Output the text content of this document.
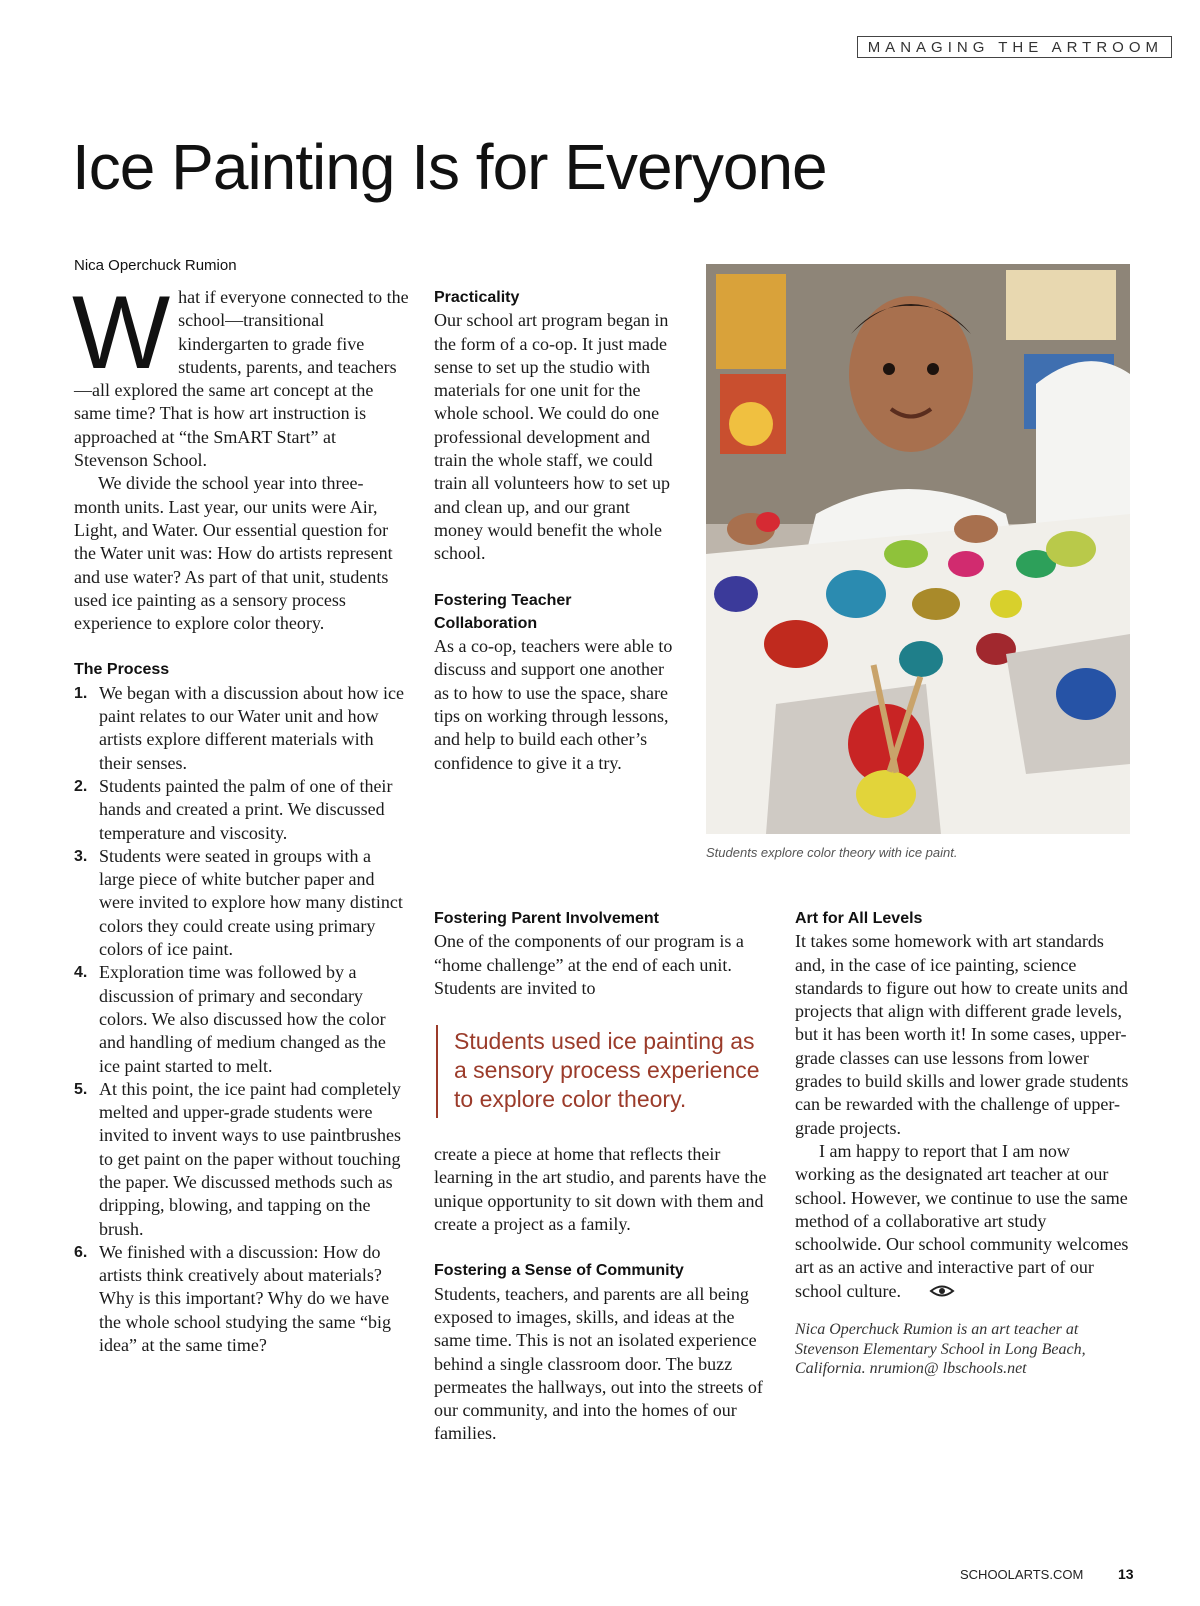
MANAGING THE ARTROOM
Ice Painting Is for Everyone
Nica Operchuck Rumion

What if everyone connected to the school—transitional kindergarten to grade five students, parents, and teachers—all explored the same art concept at the same time? That is how art instruction is approached at “the SmART Start” at Stevenson School.

We divide the school year into three-month units. Last year, our units were Air, Light, and Water. Our essential question for the Water unit was: How do artists represent and use water? As part of that unit, students used ice painting as a sensory process experience to explore color theory.

The Process
1. We began with a discussion about how ice paint relates to our Water unit and how artists explore different materials with their senses.
2. Students painted the palm of one of their hands and created a print. We discussed temperature and viscosity.
3. Students were seated in groups with a large piece of white butcher paper and were invited to explore how many distinct colors they could create using primary colors of ice paint.
4. Exploration time was followed by a discussion of primary and secondary colors. We also discussed how the color and handling of medium changed as the ice paint started to melt.
5. At this point, the ice paint had completely melted and upper-grade students were invited to invent ways to use paintbrushes to get paint on the paper without touching the paper. We discussed methods such as dripping, blowing, and tapping on the brush.
6. We finished with a discussion: How do artists think creatively about materials? Why is this important? Why do we have the whole school studying the same “big idea” at the same time?
Practicality

Our school art program began in the form of a co-op. It just made sense to set up the studio with materials for one unit for the whole school. We could do one professional development and train the whole staff, we could train all volunteers how to set up and clean up, and our grant money would benefit the whole school.

Fostering Teacher Collaboration

As a co-op, teachers were able to discuss and support one another as to how to use the space, share tips on working through lessons, and help to build each other’s confidence to give it a try.

Students explore color theory with ice paint.
Fostering Parent Involvement

One of the components of our program is a “home challenge” at the end of each unit. Students are invited to

Students used ice painting as a sensory process experience to explore color theory.

create a piece at home that reflects their learning in the art studio, and parents have the unique opportunity to sit down with them and create a project as a family.

Fostering a Sense of Community

Students, teachers, and parents are all being exposed to images, skills, and ideas at the same time. This is not an isolated experience behind a single classroom door. The buzz permeates the hallways, out into the streets of our community, and into the homes of our families.

Art for All Levels

It takes some homework with art standards and, in the case of ice painting, science standards to figure out how to create units and projects that align with different grade levels, but it has been worth it! In some cases, upper-grade classes can use lessons from lower grades to build skills and lower grade students can be rewarded with the challenge of upper-grade projects.

I am happy to report that I am now working as the designated art teacher at our school. However, we continue to use the same method of a collaborative art study schoolwide. Our school community welcomes art as an active and interactive part of our school culture.

Nica Operchuck Rumion is an art teacher at Stevenson Elementary School in Long Beach, California. nrumion@ lbschools.net

SCHOOLARTS.COM 13
